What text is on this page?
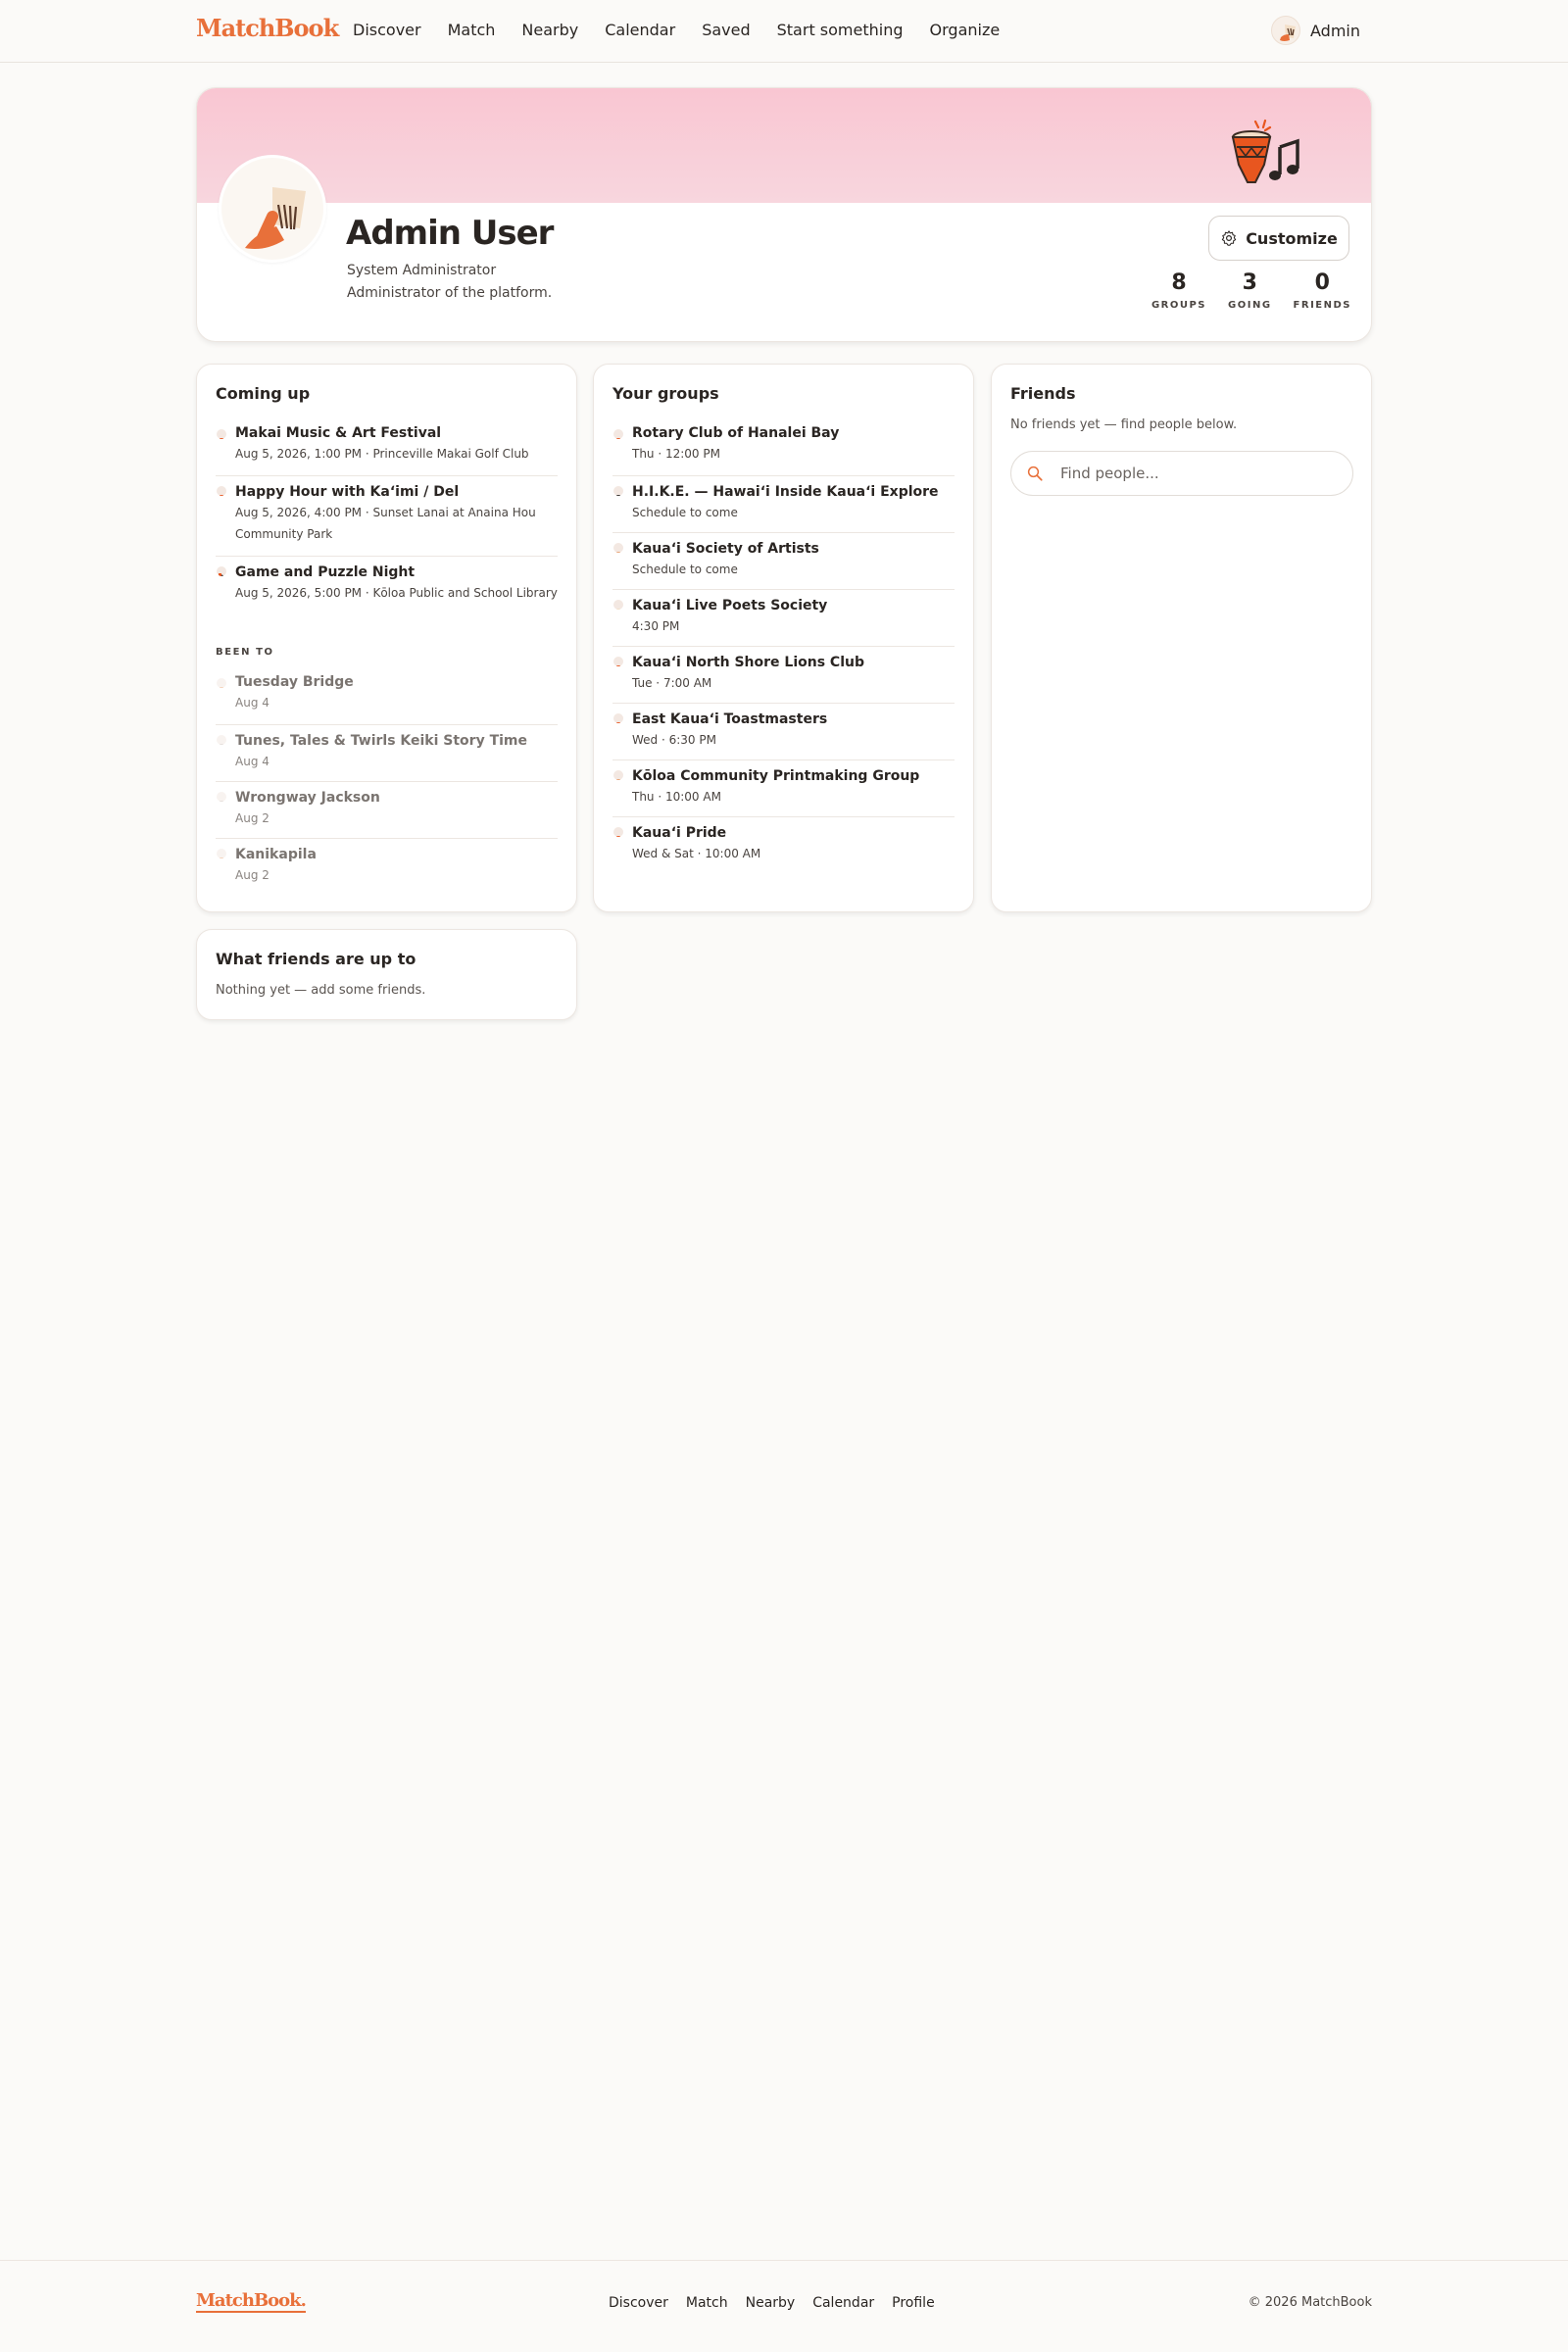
MatchBook Discover Match Nearby Calendar Saved Start something Organize	Admin
Admin User
System Administrator
Administrator of the platform.
Customize
8
GROUPS
3
GOING
0
FRIENDS
Coming up
Makai Music & Art Festival
Aug 5, 2026, 1:00 PM · Princeville Makai Golf Club
Happy Hour with Kaʻimi / Del
Aug 5, 2026, 4:00 PM · Sunset Lanai at Anaina Hou Community Park
Game and Puzzle Night
Aug 5, 2026, 5:00 PM · Kōloa Public and School Library
BEEN TO
Tuesday Bridge
Aug 4
Tunes, Tales & Twirls Keiki Story Time
Aug 4
Wrongway Jackson
Aug 2
Kanikapila
Aug 2
Your groups
Rotary Club of Hanalei Bay
Thu · 12:00 PM
H.I.K.E. — Hawaiʻi Inside Kauaʻi Explore
Schedule to come
Kauaʻi Society of Artists
Schedule to come
Kauaʻi Live Poets Society
4:30 PM
Kauaʻi North Shore Lions Club
Tue · 7:00 AM
East Kauaʻi Toastmasters
Wed · 6:30 PM
Kōloa Community Printmaking Group
Thu · 10:00 AM
Kauaʻi Pride
Wed & Sat · 10:00 AM
Friends
No friends yet — find people below.
Find people...
What friends are up to
Nothing yet — add some friends.
MatchBook.	Discover Match Nearby Calendar Profile	© 2026 MatchBook
